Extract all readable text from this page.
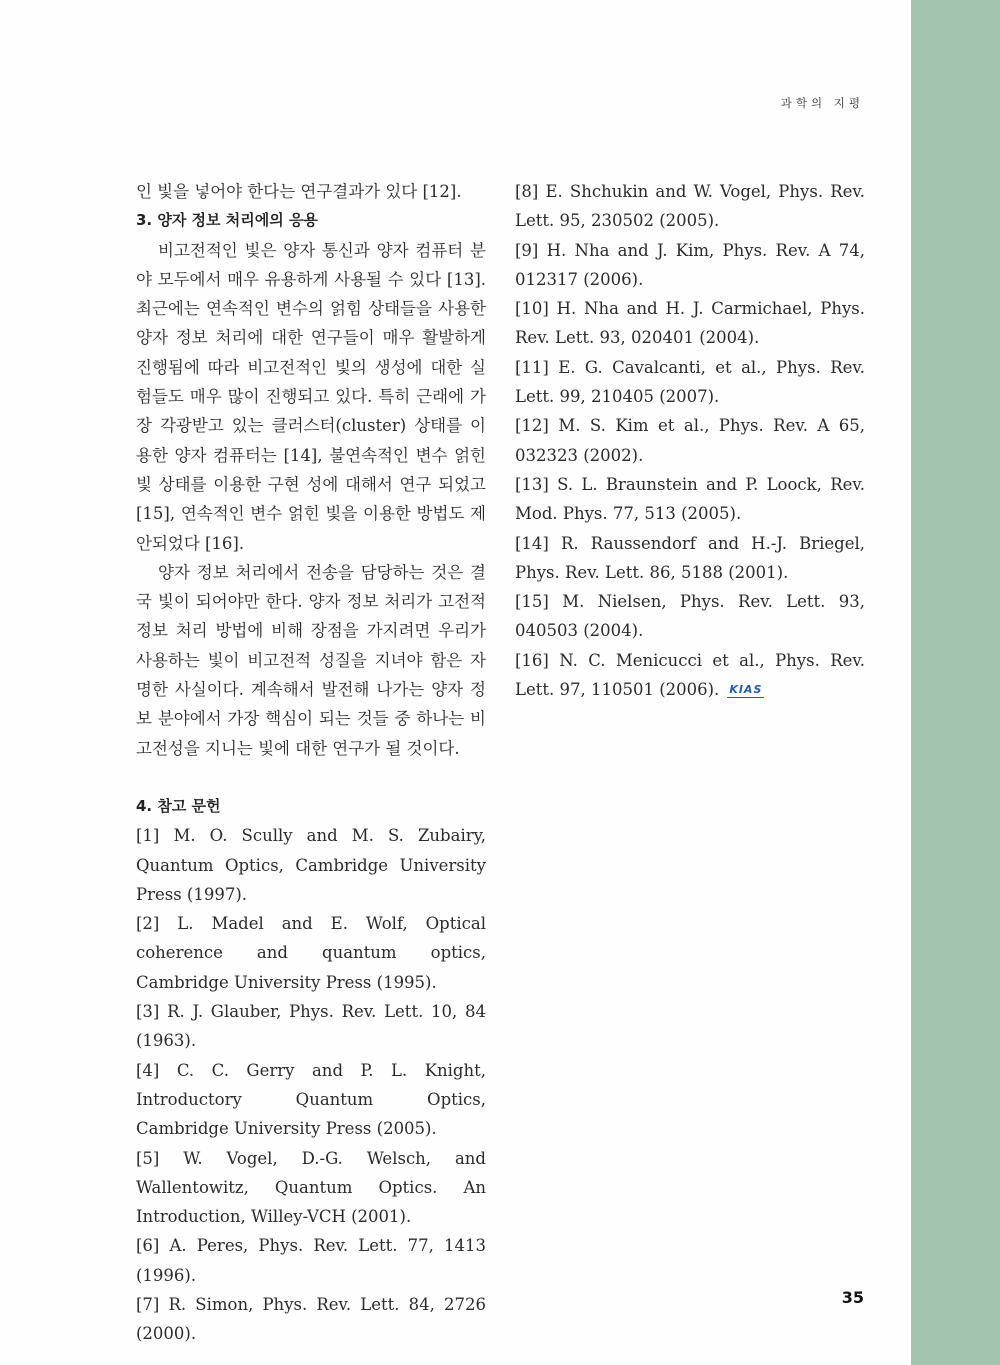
과학의 지평

인 빛을 넣어야 한다는 연구결과가 있다 [12].

3. 양자 정보 처리에의 응용

비고전적인 빛은 양자 통신과 양자 컴퓨터 분야 모두에서 매우 유용하게 사용될 수 있다 [13]. 최근에는 연속적인 변수의 얽힘 상태들을 사용한 양자 정보 처리에 대한 연구들이 매우 활발하게 진행됨에 따라 비고전적인 빛의 생성에 대한 실험들도 매우 많이 진행되고 있다. 특히 근래에 가장 각광받고 있는 클러스터(cluster) 상태를 이용한 양자 컴퓨터는 [14], 불연속적인 변수 얽힌 빛 상태를 이용한 구현 성에 대해서 연구 되었고[15], 연속적인 변수 얽힌 빛을 이용한 방법도 제안되었다 [16].

양자 정보 처리에서 전송을 담당하는 것은 결국 빛이 되어야만 한다. 양자 정보 처리가 고전적 정보 처리 방법에 비해 장점을 가지려면 우리가 사용하는 빛이 비고전적 성질을 지녀야 함은 자명한 사실이다. 계속해서 발전해 나가는 양자 정보 분야에서 가장 핵심이 되는 것들 중 하나는 비고전성을 지니는 빛에 대한 연구가 될 것이다.

4. 참고 문헌

[1] M. O. Scully and M. S. Zubairy, Quantum Optics, Cambridge University Press (1997).

[2] L. Madel and E. Wolf, Optical coherence and quantum optics, Cambridge University Press (1995).

[3] R. J. Glauber, Phys. Rev. Lett. 10, 84 (1963).

[4] C. C. Gerry and P. L. Knight, Introductory Quantum Optics, Cambridge University Press (2005).

[5] W. Vogel, D.-G. Welsch, and Wallentowitz, Quantum Optics. An Introduction, Willey-VCH (2001).

[6] A. Peres, Phys. Rev. Lett. 77, 1413 (1996).

[7] R. Simon, Phys. Rev. Lett. 84, 2726 (2000).

[8] E. Shchukin and W. Vogel, Phys. Rev. Lett. 95, 230502 (2005).

[9] H. Nha and J. Kim, Phys. Rev. A 74, 012317 (2006).

[10] H. Nha and H. J. Carmichael, Phys. Rev. Lett. 93, 020401 (2004).

[11] E. G. Cavalcanti, et al., Phys. Rev. Lett. 99, 210405 (2007).

[12] M. S. Kim et al., Phys. Rev. A 65, 032323 (2002).

[13] S. L. Braunstein and P. Loock, Rev. Mod. Phys. 77, 513 (2005).

[14] R. Raussendorf and H.-J. Briegel, Phys. Rev. Lett. 86, 5188 (2001).

[15] M. Nielsen, Phys. Rev. Lett. 93, 040503 (2004).

[16] N. C. Menicucci et al., Phys. Rev. Lett. 97, 110501 (2006). KIAS

35
